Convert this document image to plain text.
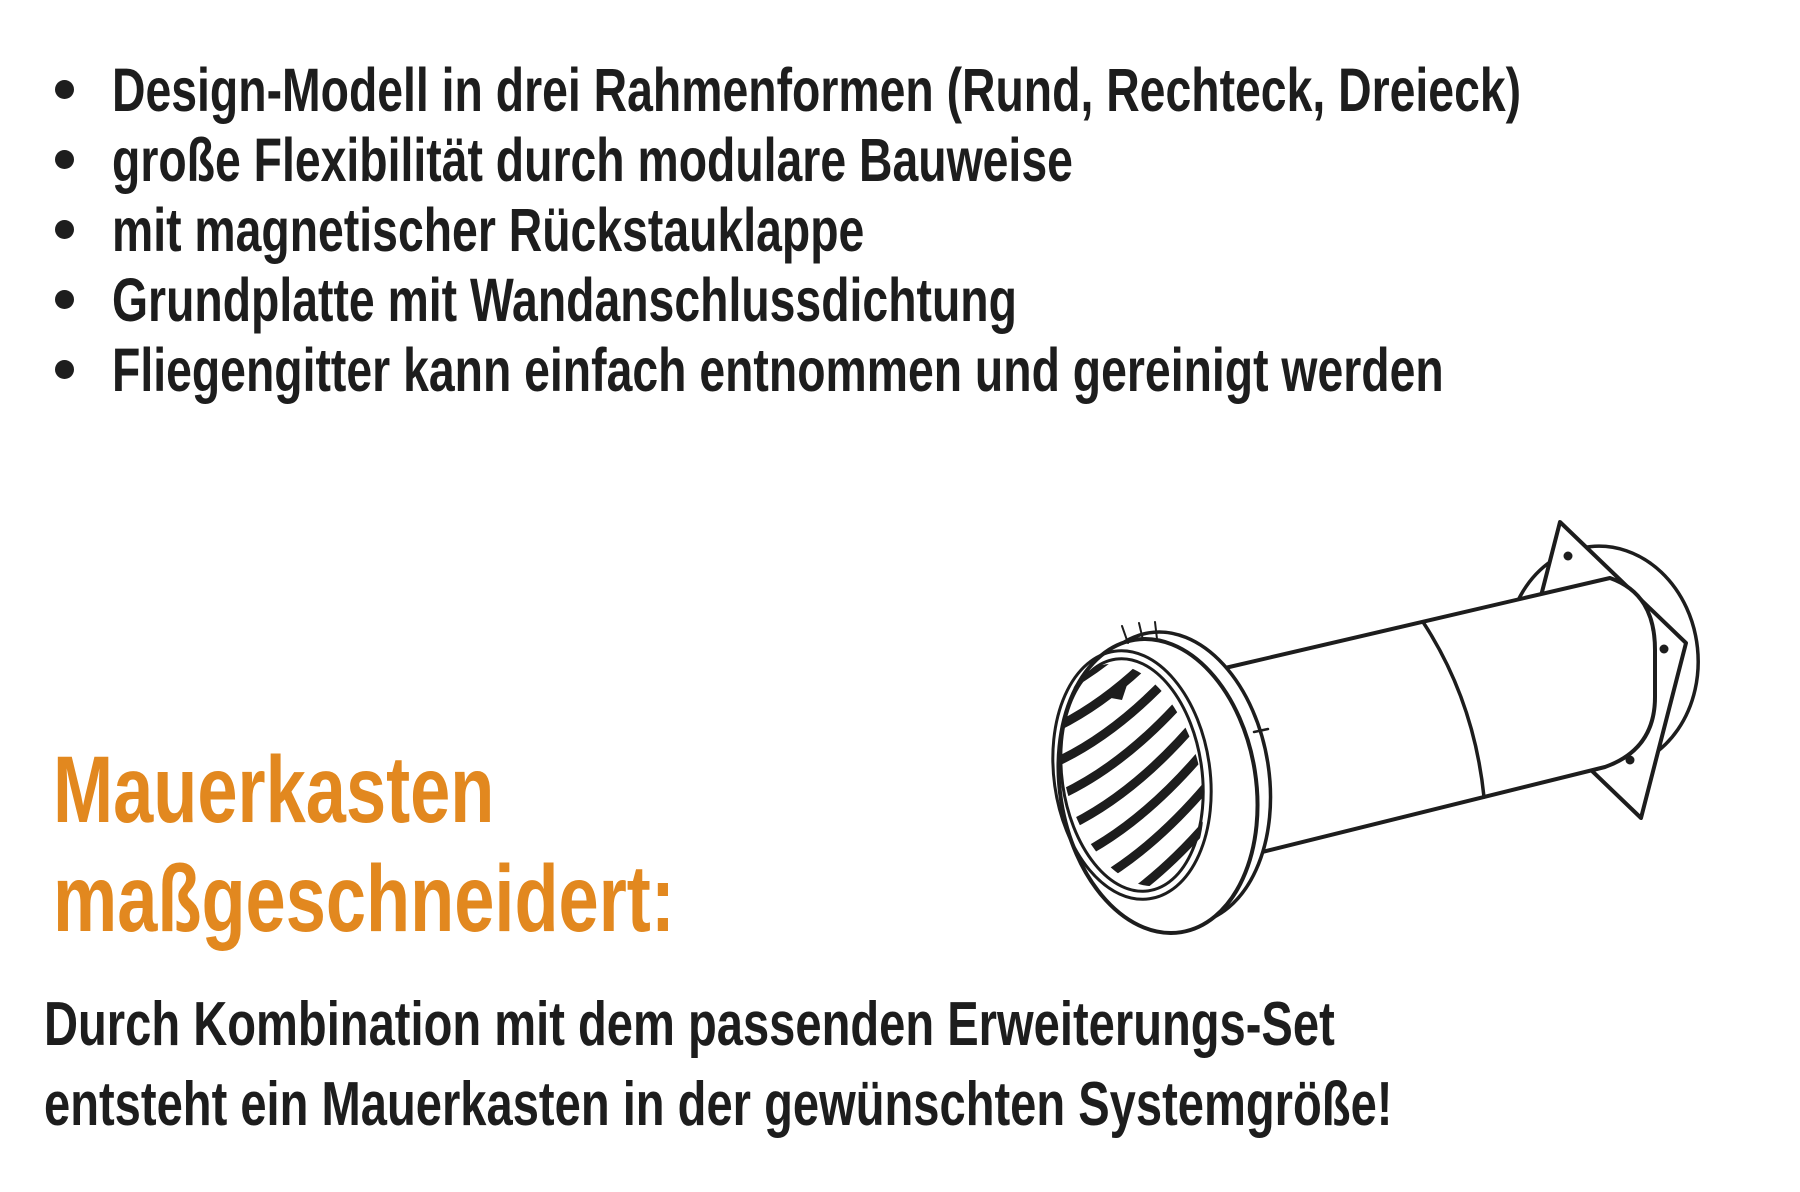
Design-Modell in drei Rahmenformen (Rund, Rechteck, Dreieck)
große Flexibilität durch modulare Bauweise
mit magnetischer Rückstauklappe
Grundplatte mit Wandanschlussdichtung
Fliegengitter kann einfach entnommen und gereinigt werden
Mauerkasten
maßgeschneidert:
Durch Kombination mit dem passenden Erweiterungs-Set
entsteht ein Mauerkasten in der gewünschten Systemgröße!
